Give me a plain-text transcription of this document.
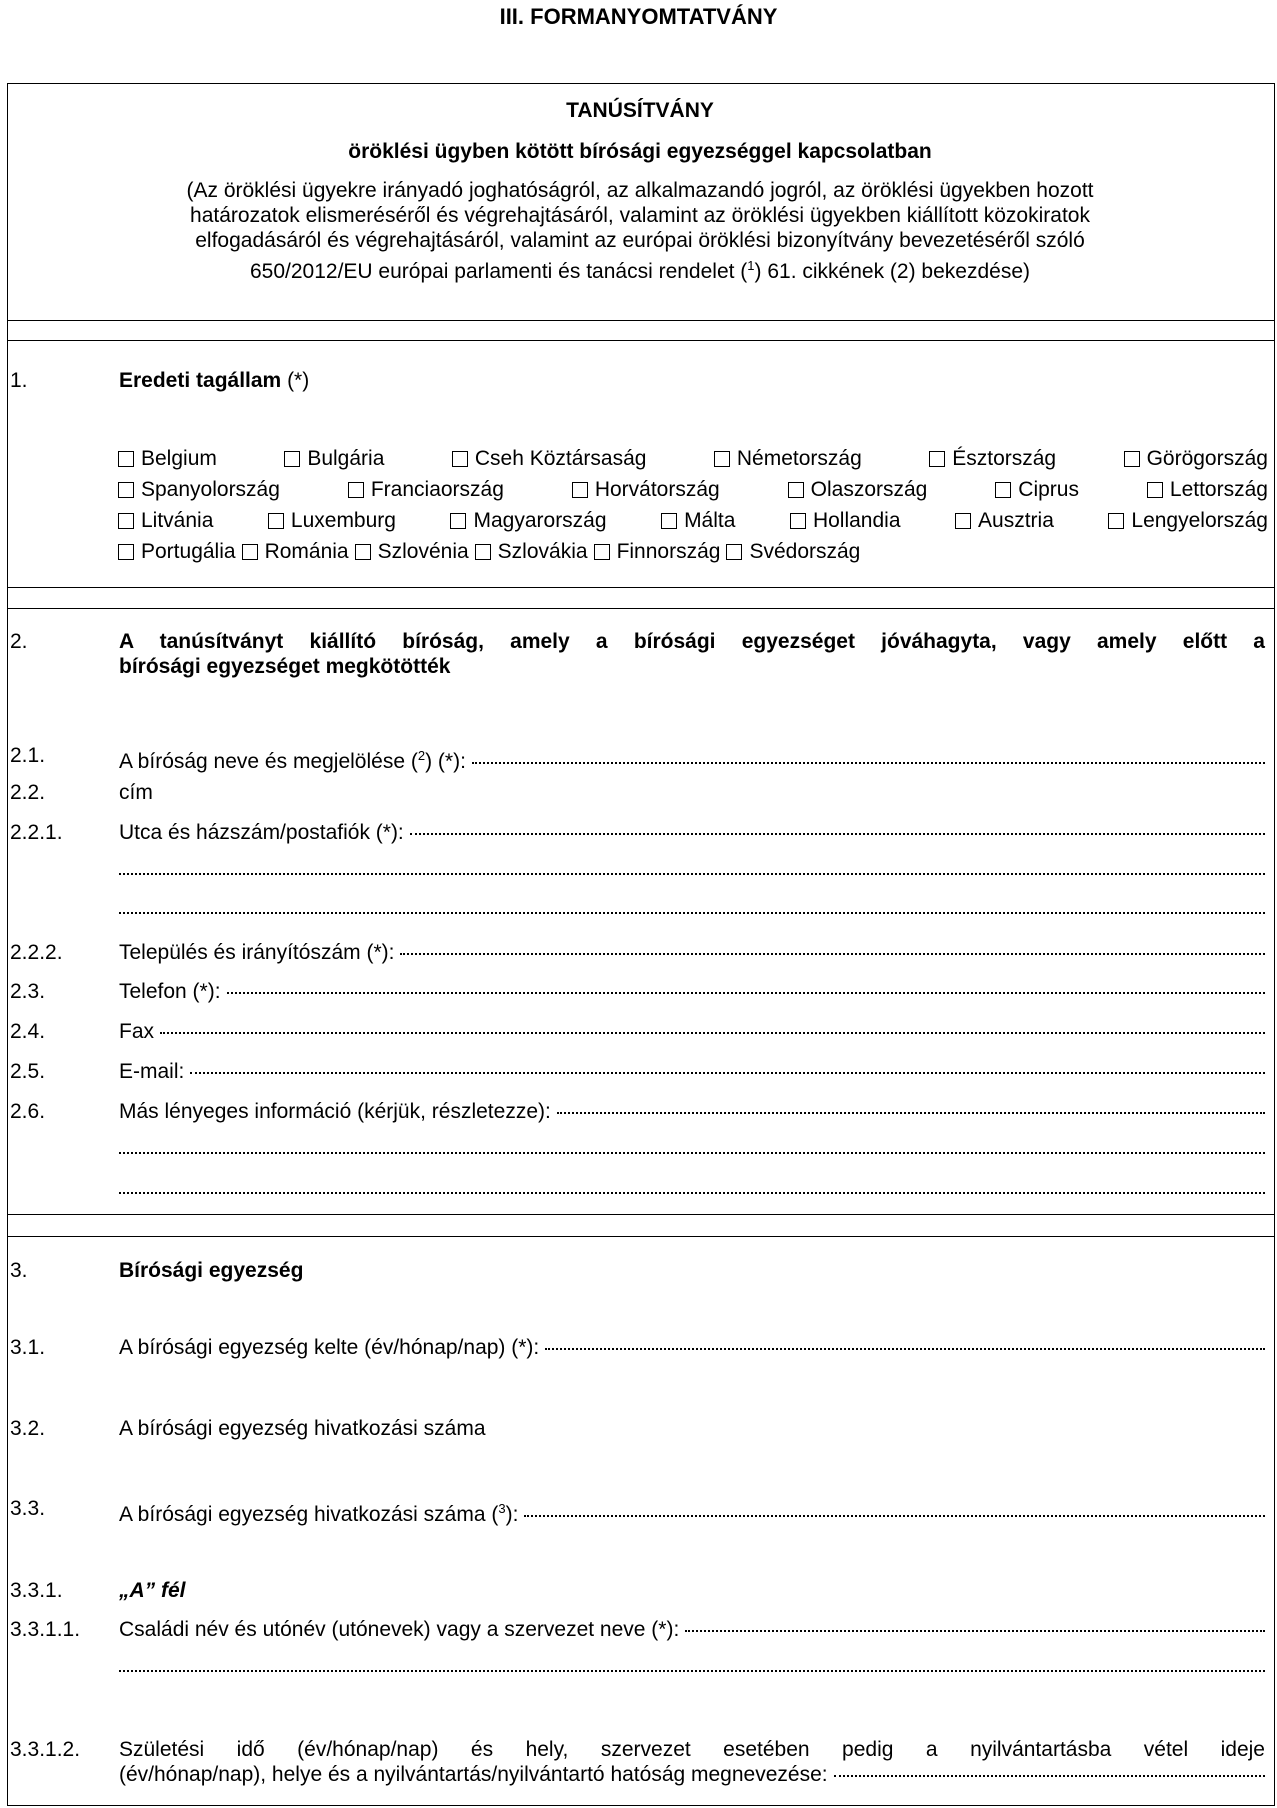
III. FORMANYOMTATVÁNY
TANÚSÍTVÁNY
öröklési ügyben kötött bírósági egyezséggel kapcsolatban
(Az öröklési ügyekre irányadó joghatóságról, az alkalmazandó jogról, az öröklési ügyekben hozott
határozatok elismeréséről és végrehajtásáról, valamint az öröklési ügyekben kiállított közokiratok
elfogadásáról és végrehajtásáról, valamint az európai öröklési bizonyítvány bevezetéséről szóló
650/2012/EU európai parlamenti és tanácsi rendelet ($^1$) 61. cikkének (2) bekezdése)
1.	Eredeti tagállam (*)
Belgium	Bulgária	Cseh Köztársaság	Németország	Észtország	Görögország
Spanyolország	Franciaország	Horvátország	Olaszország	Ciprus	Lettország
Litvánia	Luxemburg	Magyarország	Málta	Hollandia	Ausztria	Lengyelország
Portugália Románia Szlovénia Szlovákia Finnország Svédország
2.	A tanúsítványt kiállító bíróság, amely a bírósági egyezséget jóváhagyta, vagy amely előtt a
bírósági egyezséget megkötötték
2.1.	A bíróság neve és megjelölése ($^2$) (*):
2.2.	cím
2.2.1.	Utca és házszám/postafiók (*):
2.2.2.	Település és irányítószám (*):
2.3.	Telefon (*):
2.4.	Fax
2.5.	E-mail:
2.6.	Más lényeges információ (kérjük, részletezze):
3.	Bírósági egyezség
3.1.	A bírósági egyezség kelte (év/hónap/nap) (*):
3.2.	A bírósági egyezség hivatkozási száma
3.3.	A bírósági egyezség hivatkozási száma ($^3$):
3.3.1.	„A” fél
3.3.1.1. Családi név és utónév (utónevek) vagy a szervezet neve (*):
3.3.1.2. Születési idő (év/hónap/nap) és hely, szervezet esetében pedig a nyilvántartásba vétel ideje
(év/hónap/nap), helye és a nyilvántartás/nyilvántartó hatóság megnevezése:
